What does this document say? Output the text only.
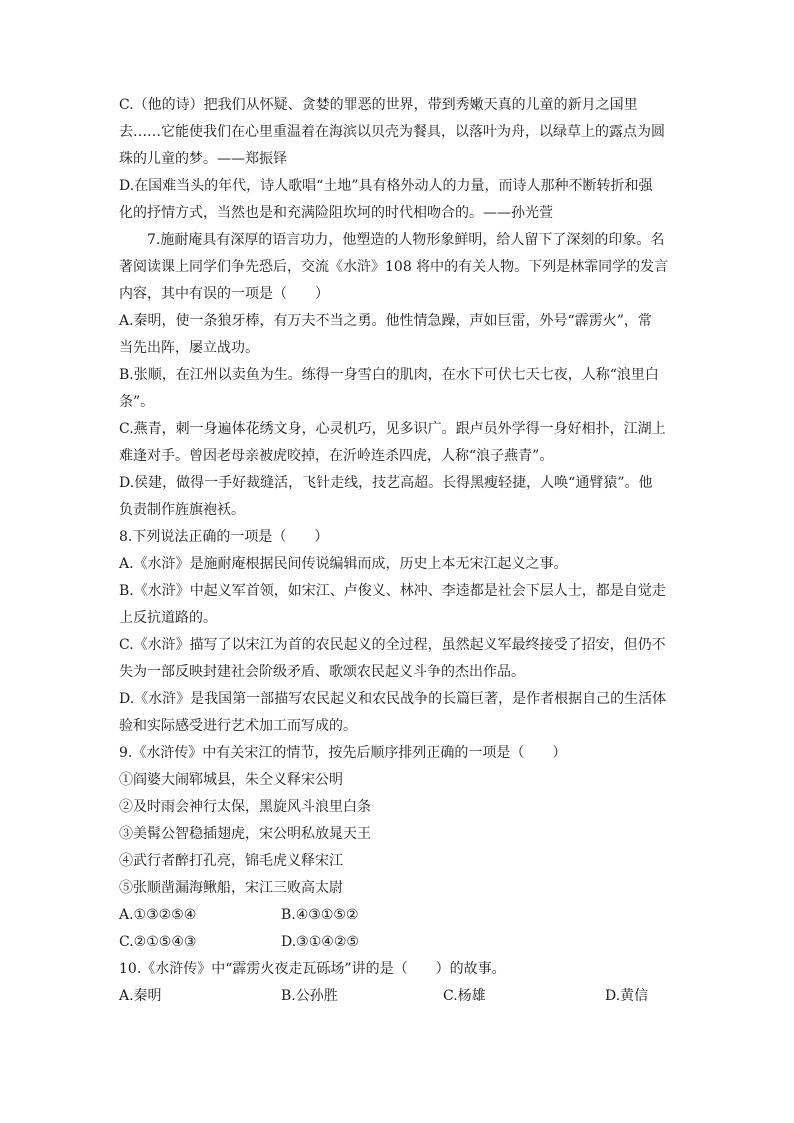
C.（他的诗）把我们从怀疑、贪婪的罪恶的世界，带到秀嫩天真的儿童的新月之国里
去……它能使我们在心里重温着在海滨以贝壳为餐具，以落叶为舟，以绿草上的露点为圆
珠的儿童的梦。——郑振铎
D.在国难当头的年代，诗人歌唱“土地”具有格外动人的力量，而诗人那种不断转折和强
化的抒情方式，当然也是和充满险阻坎坷的时代相吻合的。——孙光萱
7.施耐庵具有深厚的语言功力，他塑造的人物形象鲜明，给人留下了深刻的印象。名
著阅读课上同学们争先恐后，交流《水浒》108 将中的有关人物。下列是林霏同学的发言
内容，其中有误的一项是（　　）
A.秦明，使一条狼牙棒，有万夫不当之勇。他性情急躁，声如巨雷，外号“霹雳火”，常
当先出阵，屡立战功。
B.张顺，在江州以卖鱼为生。练得一身雪白的肌肉，在水下可伏七天七夜，人称“浪里白
条”。
C.燕青，刺一身遍体花绣文身，心灵机巧，见多识广。跟卢员外学得一身好相扑，江湖上
难逢对手。曾因老母亲被虎咬掉，在沂岭连杀四虎，人称“浪子燕青”。
D.侯建，做得一手好裁缝活，飞针走线，技艺高超。长得黑瘦轻捷，人唤“通臂猿”。他
负责制作旌旗袍袄。
8.下列说法正确的一项是（　　）
A.《水浒》是施耐庵根据民间传说编辑而成，历史上本无宋江起义之事。
B.《水浒》中起义军首领，如宋江、卢俊义、林冲、李逵都是社会下层人士，都是自觉走
上反抗道路的。
C.《水浒》描写了以宋江为首的农民起义的全过程，虽然起义军最终接受了招安，但仍不
失为一部反映封建社会阶级矛盾、歌颂农民起义斗争的杰出作品。
D.《水浒》是我国第一部描写农民起义和农民战争的长篇巨著，是作者根据自己的生活体
验和实际感受进行艺术加工而写成的。
9.《水浒传》中有关宋江的情节，按先后顺序排列正确的一项是（　　）
①阎婆大闹郓城县，朱仝义释宋公明
②及时雨会神行太保，黑旋风斗浪里白条
③美髯公智稳插翅虎，宋公明私放晁天王
④武行者醉打孔亮，锦毛虎义释宋江
⑤张顺凿漏海鳅船，宋江三败高太尉
A.①③②⑤④	B.④③①⑤②
C.②①⑤④③	D.③①④②⑤
10.《水浒传》中“霹雳火夜走瓦砾场”讲的是（　　）的故事。
A.秦明	B.公孙胜	C.杨雄	D.黄信
